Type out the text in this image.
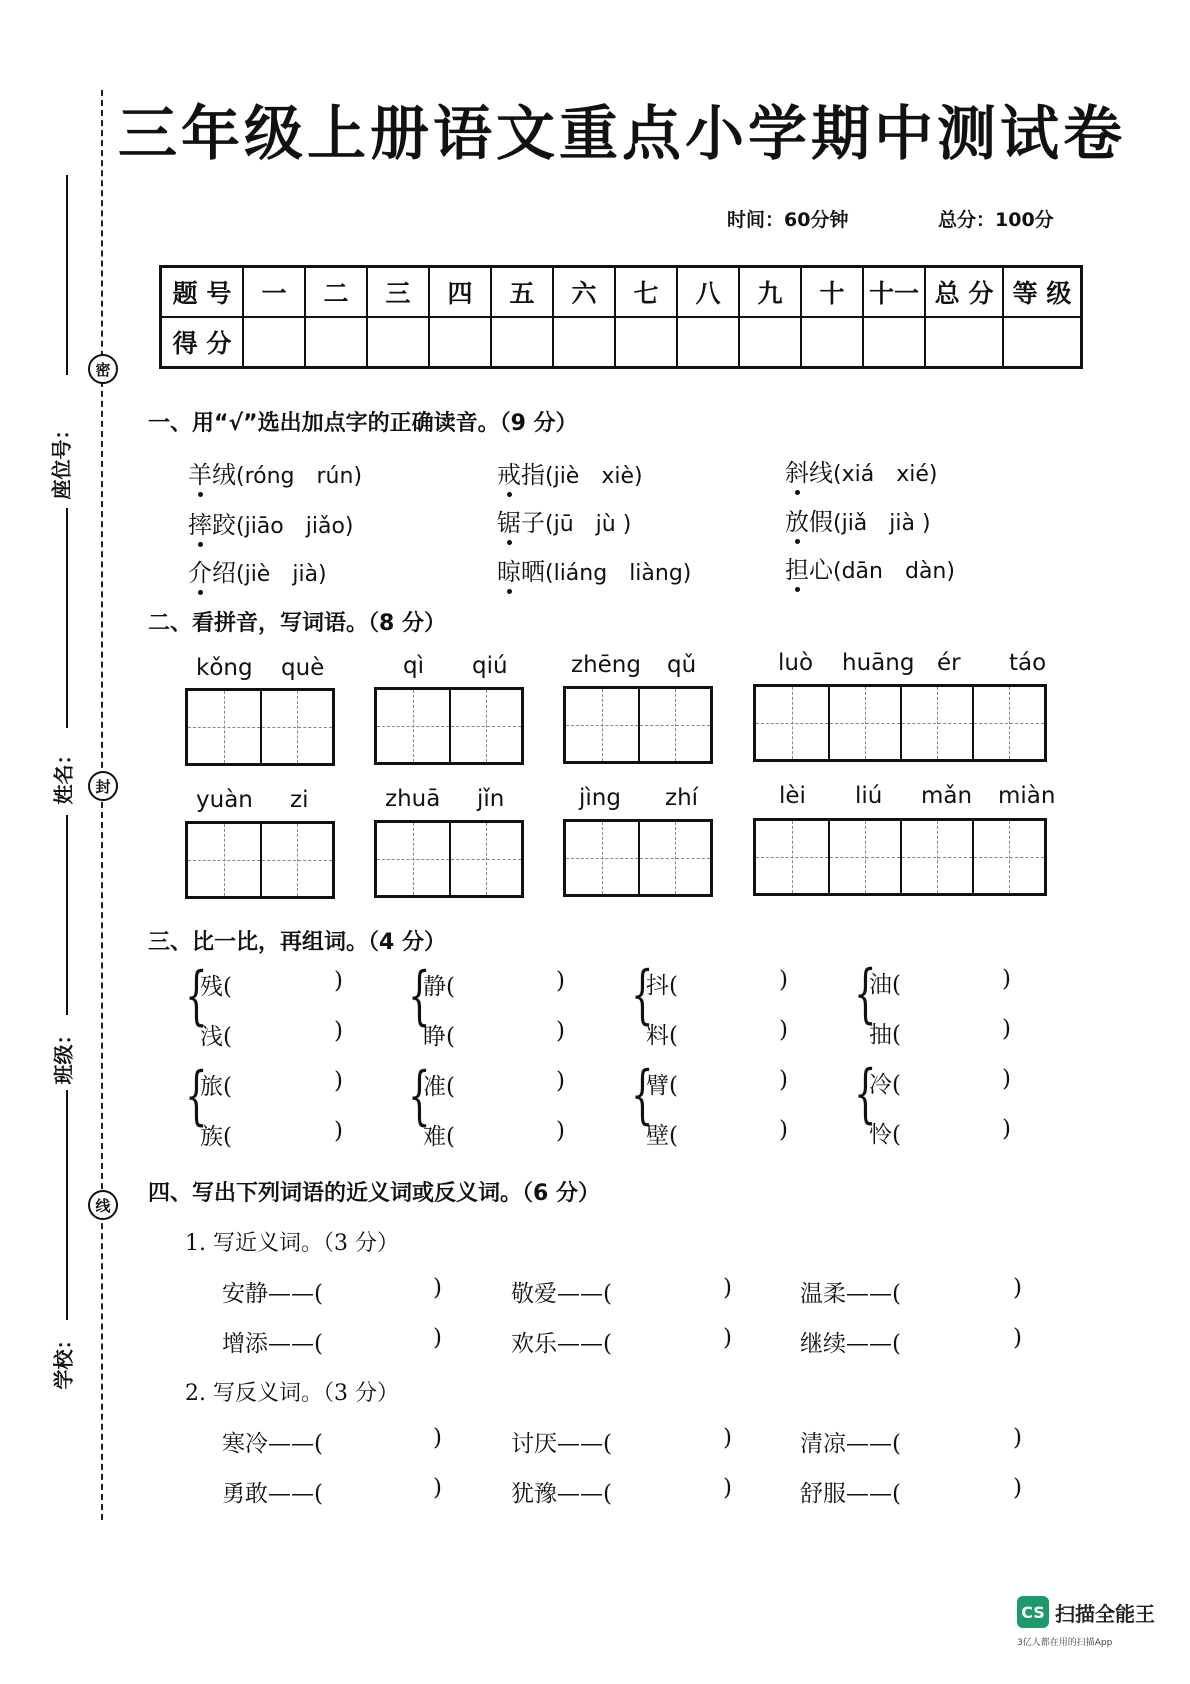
密
封
线
座位号：
姓名：
班级：
学校：
三年级上册语文重点小学期中测试卷
时间：60分钟	总分：100分
题 号	一	二	三	四	五	六	七	八	九	十	十一	总 分	等 级
得 分													
一、用“√”选出加点字的正确读音。（9 分）
羊绒(róng　rún)	戒指(jiè　xiè)	斜线(xiá　xié)
摔跤(jiāo　jiǎo)	锯子(jū　jù )	放假(jiǎ　jià )
介绍(jiè　jià)	晾晒(liáng　liàng)	担心(dān　dàn)
二、看拼音，写词语。（8 分）
kǒng què	qì qiú	zhēng qǔ	luò huāng ér táo
yuàn zi	zhuā jǐn	jìng zhí	lèi liú mǎn miàn
三、比一比，再组词。（4 分）
{
残(	)
浅(	) {
静(	)
睁(	) {
抖(	)
料(	) {
油(	)
抽(	)
{
旅(	)
族(	) {
准(	)
难(	) {
臂(	)
壁(	) {
冷(	)
怜(	)
四、写出下列词语的近义词或反义词。（6 分）
1. 写近义词。（3 分）
安静——(	)	敬爱——(	)	温柔——(	)
增添——(	)	欢乐——(	)	继续——(	)
2. 写反义词。（3 分）
寒冷——(	)	讨厌——(	)	清凉——(	)
勇敢——(	)	犹豫——(	)	舒服——(	)
CS 扫描全能王
3亿人都在用的扫描App
